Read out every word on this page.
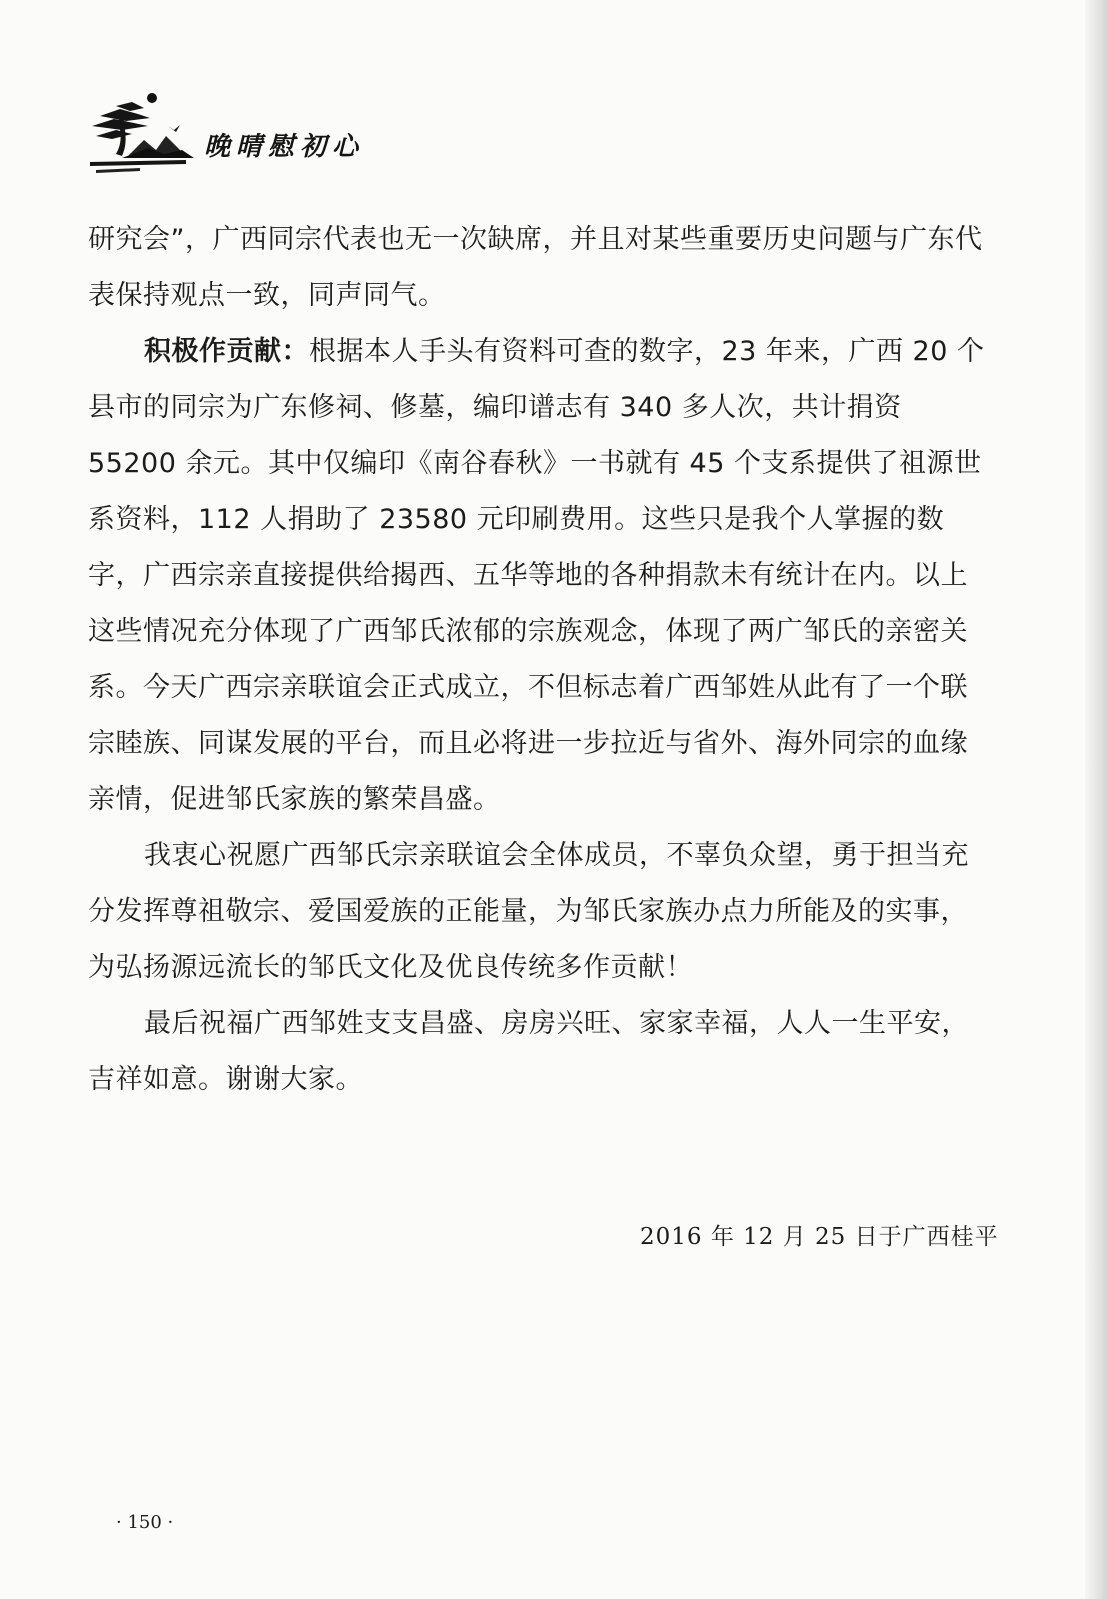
晚晴慰初心

研究会”，广西同宗代表也无一次缺席，并且对某些重要历史问题与广东代表保持观点一致，同声同气。

积极作贡献：根据本人手头有资料可查的数字，23 年来，广西 20 个县市的同宗为广东修祠、修墓，编印谱志有 340 多人次，共计捐资 55200 余元。其中仅编印《南谷春秋》一书就有 45 个支系提供了祖源世系资料，112 人捐助了 23580 元印刷费用。这些只是我个人掌握的数字，广西宗亲直接提供给揭西、五华等地的各种捐款未有统计在内。以上这些情况充分体现了广西邹氏浓郁的宗族观念，体现了两广邹氏的亲密关系。今天广西宗亲联谊会正式成立，不但标志着广西邹姓从此有了一个联宗睦族、同谋发展的平台，而且必将进一步拉近与省外、海外同宗的血缘亲情，促进邹氏家族的繁荣昌盛。

我衷心祝愿广西邹氏宗亲联谊会全体成员，不辜负众望，勇于担当充分发挥尊祖敬宗、爱国爱族的正能量，为邹氏家族办点力所能及的实事，为弘扬源远流长的邹氏文化及优良传统多作贡献！

最后祝福广西邹姓支支昌盛、房房兴旺、家家幸福，人人一生平安，吉祥如意。谢谢大家。

2016 年 12 月 25 日于广西桂平
· 150 ·
